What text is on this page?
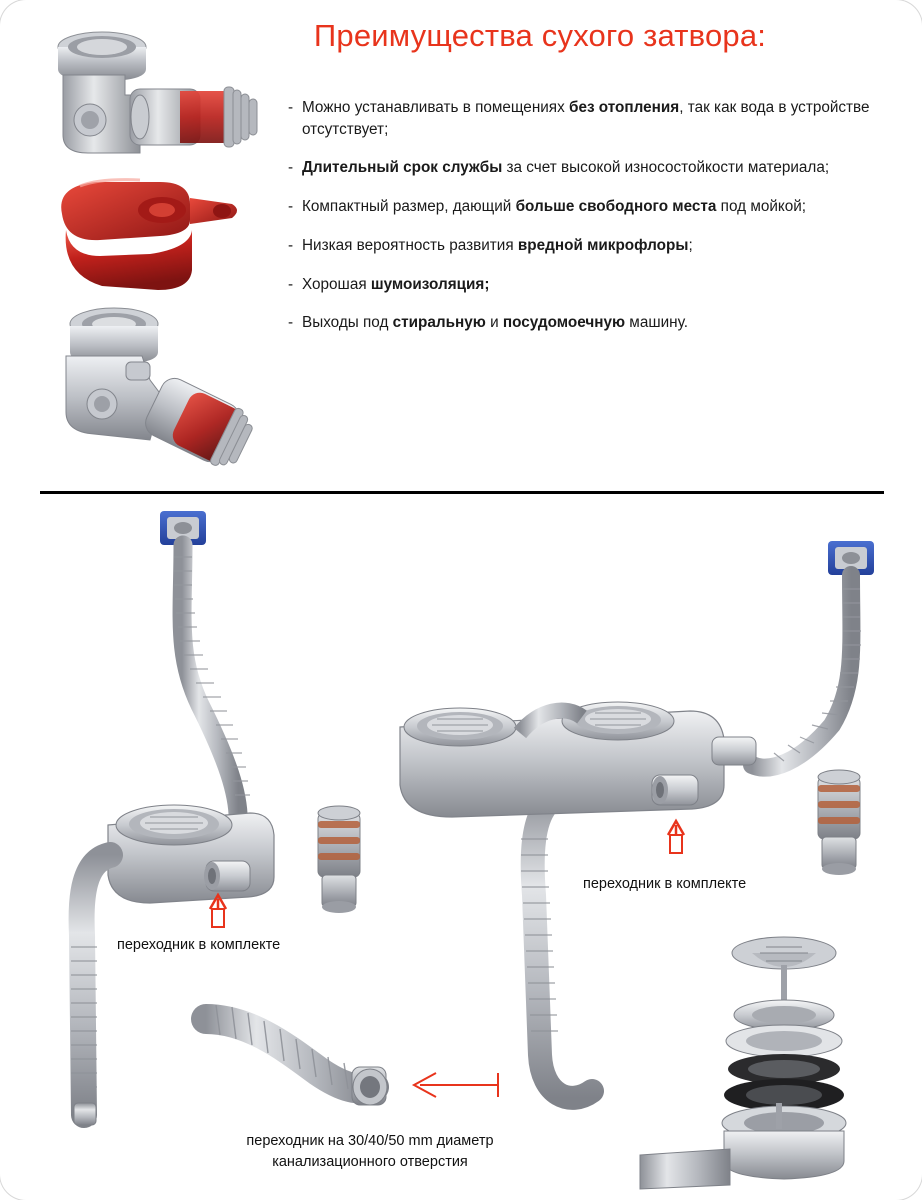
Преимущества сухого затвора:
- Можно устанавливать в помещениях без отопления, так как вода в устройстве отсутствует;
- Длительный срок службы за счет высокой износостойкости материала;
- Компактный размер, дающий больше свободного места под мойкой;
- Низкая вероятность развития вредной микрофлоры;
- Хорошая шумоизоляция;
- Выходы под стиральную и посудомоечную машину.
переходник в комплекте
переходник в комплекте
переходник на 30/40/50 mm диаметр канализационного отверстия
